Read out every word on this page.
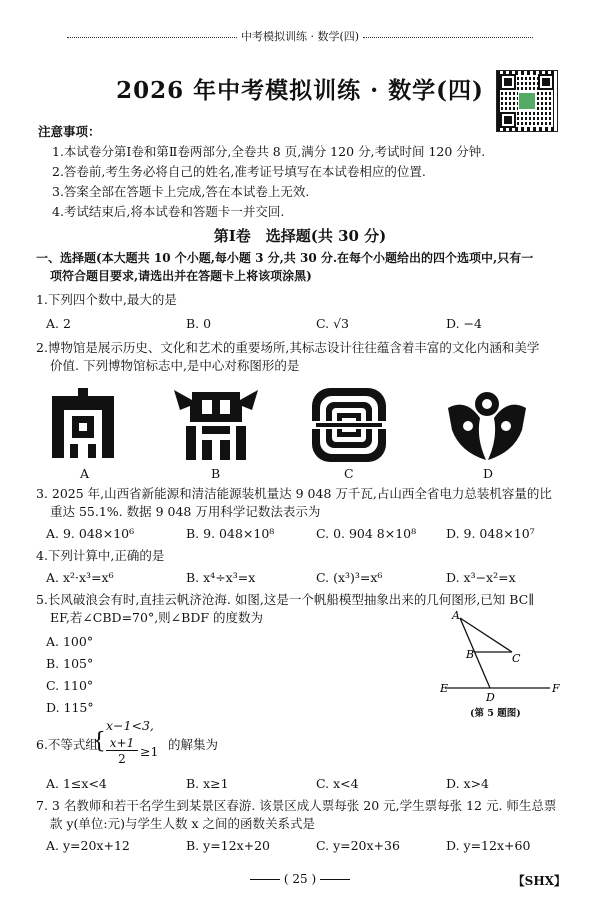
中考模拟训练 · 数学(四)
2026 年中考模拟训练 · 数学(四)
注意事项：
1.本试卷分第Ⅰ卷和第Ⅱ卷两部分,全卷共 8 页,满分 120 分,考试时间 120 分钟.
2.答卷前,考生务必将自己的姓名,准考证号填写在本试卷相应的位置.
3.答案全部在答题卡上完成,答在本试卷上无效.
4.考试结束后,将本试卷和答题卡一并交回.
第Ⅰ卷　选择题(共 30 分)
一、选择题(本大题共 10 个小题,每小题 3 分,共 30 分.在每个小题给出的四个选项中,只有一
项符合题目要求,请选出并在答题卡上将该项涂黑)
1.下列四个数中,最大的是
A. 2	B. 0	C. √3	D. −4
2.博物馆是展示历史、文化和艺术的重要场所,其标志设计往往蕴含着丰富的文化内涵和美学
价值. 下列博物馆标志中,是中心对称图形的是
A	B	C	D
3. 2025 年,山西省新能源和清洁能源装机量达 9 048 万千瓦,占山西全省电力总装机容量的比
重达 55.1%. 数据 9 048 万用科学记数法表示为
A. 9. 048×10⁶	B. 9. 048×10⁸	C. 0. 904 8×10⁸ D. 9. 048×10⁷
4.下列计算中,正确的是
A. x²·x³=x⁶	B. x⁴÷x³=x	C. (x³)³=x⁶	D. x³−x²=x
5.长风破浪会有时,直挂云帆济沧海. 如图,这是一个帆船模型抽象出来的几何图形,已知 BC∥
EF,若∠CBD=70°,则∠BDF 的度数为
A. 100°
B. 105°
C. 110°
D. 115°
A
B	C
D
E	F
(第 5 题图)
6.不等式组
{
x−1<3,
x+1
2	≥1 的解集为
A. 1≤x<4	B. x≥1	C. x<4	D. x>4
7. 3 名教师和若干名学生到某景区春游. 该景区成人票每张 20 元,学生票每张 12 元. 师生总票
款 y(单位:元)与学生人数 x 之间的函数关系式是
A. y=20x+12	B. y=12x+20	C. y=20x+36	D. y=12x+60
( 25 )	【SHX】
